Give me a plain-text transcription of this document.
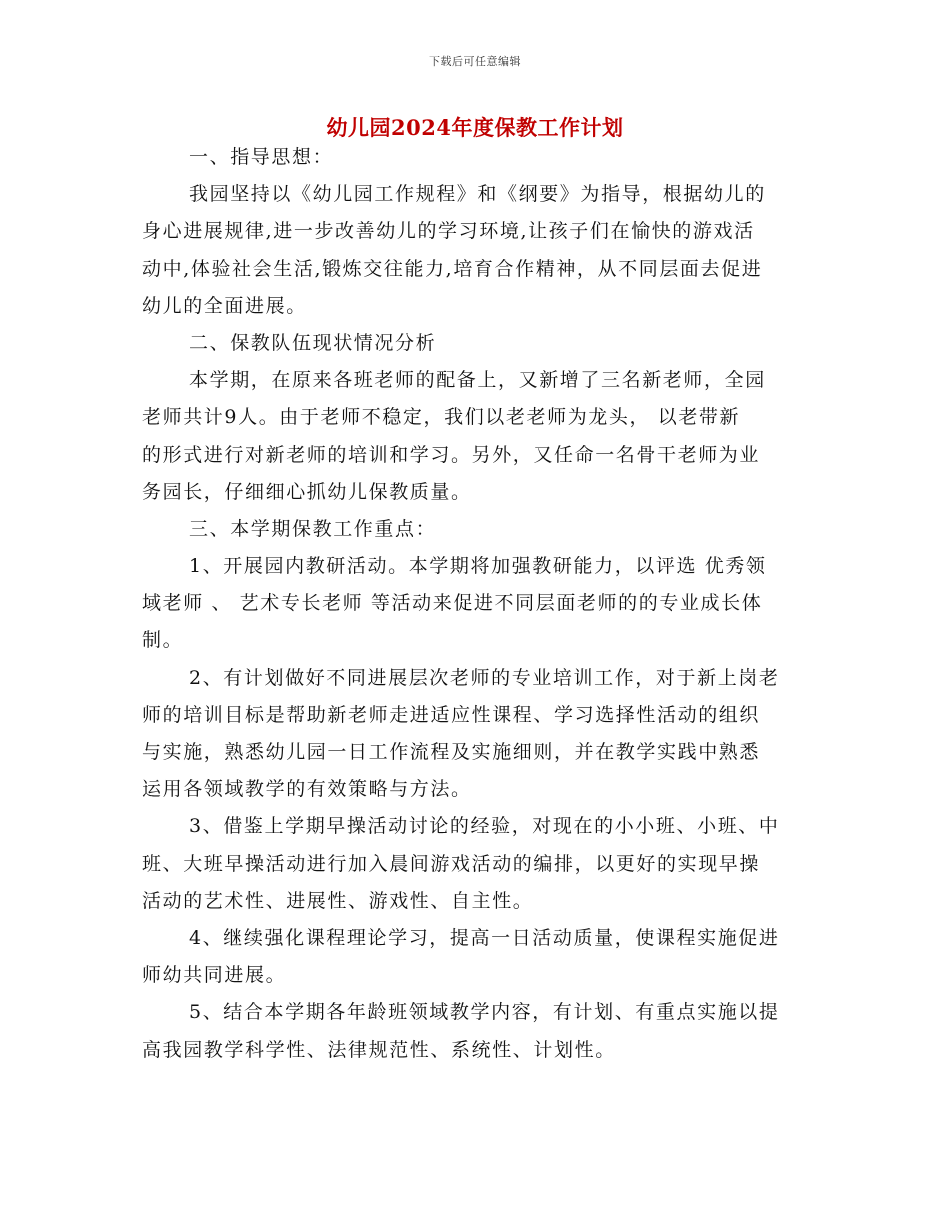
下载后可任意编辑
幼儿园2024年度保教工作计划
一、指导思想：
我园坚持以《幼儿园工作规程》和《纲要》为指导，根据幼儿的
身心进展规律,进一步改善幼儿的学习环境,让孩子们在愉快的游戏活
动中,体验社会生活,锻炼交往能力,培育合作精神，从不同层面去促进
幼儿的全面进展。
二、保教队伍现状情况分析
本学期，在原来各班老师的配备上，又新增了三名新老师，全园
老师共计9人。由于老师不稳定，我们以老老师为龙头， 以老带新
的形式进行对新老师的培训和学习。另外，又任命一名骨干老师为业
务园长，仔细细心抓幼儿保教质量。
三、本学期保教工作重点：
1、开展园内教研活动。本学期将加强教研能力，以评选 优秀领
域老师 、 艺术专长老师 等活动来促进不同层面老师的的专业成长体
制。
2、有计划做好不同进展层次老师的专业培训工作，对于新上岗老
师的培训目标是帮助新老师走进适应性课程、学习选择性活动的组织
与实施，熟悉幼儿园一日工作流程及实施细则，并在教学实践中熟悉
运用各领域教学的有效策略与方法。
3、借鉴上学期早操活动讨论的经验，对现在的小小班、小班、中
班、大班早操活动进行加入晨间游戏活动的编排，以更好的实现早操
活动的艺术性、进展性、游戏性、自主性。
4、继续强化课程理论学习，提高一日活动质量，使课程实施促进
师幼共同进展。
5、结合本学期各年龄班领域教学内容，有计划、有重点实施以提
高我园教学科学性、法律规范性、系统性、计划性。
